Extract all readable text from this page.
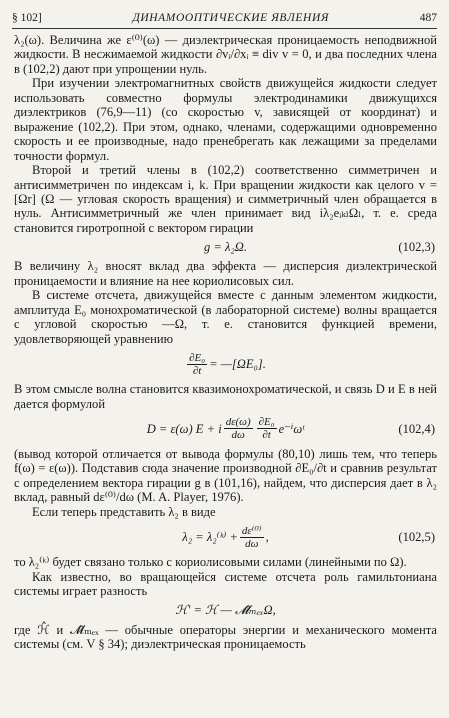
§ 102]	ДИНАМООПТИЧЕСКИЕ ЯВЛЕНИЯ	487

λ₂(ω). Величина же ε⁽⁰⁾(ω) — диэлектрическая проницаемость неподвижной жидкости. В несжимаемой жидкости ∂vᵢ/∂xᵢ ≡ div v = 0, и два последних члена в (102,2) дают при упрощении нуль.

При изучении электромагнитных свойств движущейся жидкости следует использовать совместно формулы электродинамики движущихся диэлектриков (76,9—11) (со скоростью v, зависящей от координат) и выражение (102,2). При этом, однако, членами, содержащими одновременно скорость и ее производные, надо пренебрегать как лежащими за пределами точности формул.

Второй и третий члены в (102,2) соответственно симметричен и антисимметричен по индексам i, k. При вращении жидкости как целого v = [Ωr] (Ω — угловая скорость вращения) и симметричный член обращается в нуль. Антисимметричный же член принимает вид iλ₂eᵢₖₗΩₗ, т. е. среда становится гиротропной с вектором гирации

g = λ₂Ω.	(102,3)

В величину λ₂ вносят вклад два эффекта — дисперсия диэлектрической проницаемости и влияние на нее кориолисовых сил.

В системе отсчета, движущейся вместе с данным элементом жидкости, амплитуда E₀ монохроматической (в лабораторной системе) волны вращается с угловой скоростью —Ω, т. е. становится функцией времени, удовлетворяющей уравнению

$\frac{\text{∂E₀}}{\partial t}$ = —[ΩE₀].

В этом смысле волна становится квазимонохроматической, и связь D и E в ней дается формулой

D = ε(ω) E + i $\frac{d\varepsilon(\omega)}{d\omega} \frac{\text{∂E₀}}{\partial t}$ e⁻ⁱωᵗ	(102,4)

(вывод которой отличается от вывода формулы (80,10) лишь тем, что теперь f(ω) = ε(ω)). Подставив сюда значение производной ∂E₀/∂t и сравнив результат с определением вектора гирации g в (101,16), найдем, что дисперсия дает в λ₂ вклад, равный dε⁽⁰⁾/dω (M. A. Player, 1976).

Если теперь представить λ₂ в виде

λ₂ = λ₂⁽ᵏ⁾ + $\frac{\text{dε⁽⁰⁾}}{d\omega}$ ,	(102,5)

то λ₂⁽ᵏ⁾ будет связано только с кориолисовыми силами (линейными по Ω).

Как известно, во вращающейся системе отсчета роль гамильтониана системы играет разность

ℋ′ = ℋ — 𝓜̂ₘₑₓΩ,

где ℋ̂ и 𝓜̂ₘₑₓ — обычные операторы энергии и механического момента системы (см. V § 34); диэлектрическая проницаемость
